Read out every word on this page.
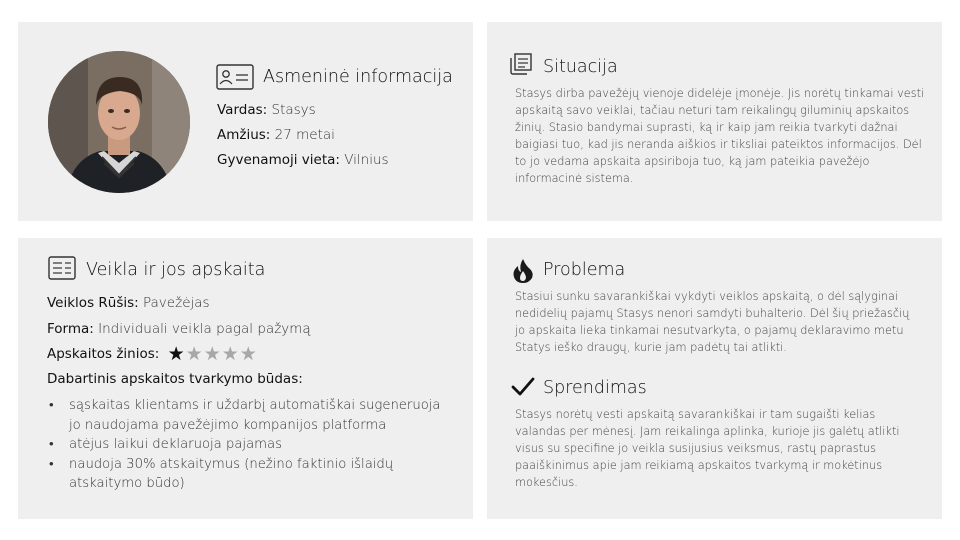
Asmeninė informacija
Vardas: Stasys
Amžius: 27 metai
Gyvenamoji vieta: Vilnius
Situacija
Stasys dirba pavežėjų vienoje didelėje įmonėje. Jis norėtų tinkamai vesti apskaitą savo veiklai, tačiau neturi tam reikalingų giluminių apskaitos žinių. Stasio bandymai suprasti, ką ir kaip jam reikia tvarkyti dažnai baigiasi tuo, kad jis neranda aiškios ir tiksliai pateiktos informacijos. Dėl to jo vedama apskaita apsiriboja tuo, ką jam pateikia pavežėjo informacinė sistema.
Veikla ir jos apskaita
Veiklos Rūšis: Pavežėjas
Forma: Individuali veikla pagal pažymą
Apskaitos žinios: ★★★★★
Dabartinis apskaitos tvarkymo būdas:
• sąskaitas klientams ir uždarbį automatiškai sugeneruoja jo naudojama pavežėjimo kompanijos platforma
• atėjus laikui deklaruoja pajamas
• naudoja 30% atskaitymus (nežino faktinio išlaidų atskaitymo būdo)
Problema
Stasiui sunku savarankiškai vykdyti veiklos apskaitą, o dėl sąlyginai nedidelių pajamų Stasys nenori samdyti buhalterio. Dėl šių priežasčių jo apskaita lieka tinkamai nesutvarkyta, o pajamų deklaravimo metu Statys ieško draugų, kurie jam padėtų tai atlikti.
Sprendimas
Stasys norėtų vesti apskaitą savarankiškai ir tam sugaišti kelias valandas per mėnesį. Jam reikalinga aplinka, kurioje jis galėtų atlikti visus su specifine jo veikla susijusius veiksmus, rastų paprastus paaiškinimus apie jam reikiamą apskaitos tvarkymą ir mokėtinus mokesčius.
